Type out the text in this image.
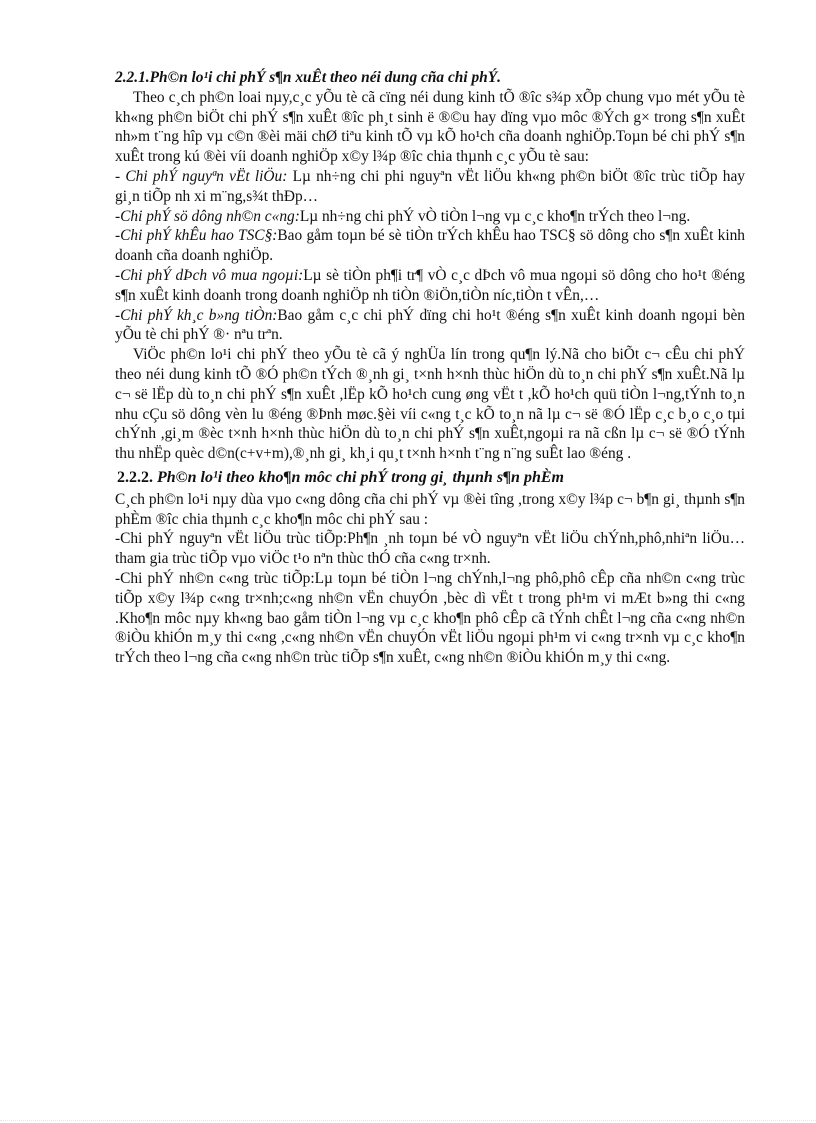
2.2.1.Ph©n lo¹i chi phÝ s¶n xuÊt theo néi dung cña chi phÝ.

Theo c¸ch ph©n loai nµy,c¸c yÕu tè cã cïng néi dung kinh tÕ ®îc s¾p xÕp chung vµo mét yÕu tè kh«ng ph©n biÖt chi phÝ s¶n xuÊt ®îc ph¸t sinh ë ®©u hay dïng vµo môc ®Ých g× trong s¶n xuÊt nh»m t¨ng hîp vµ c©n ®èi mäi chØ tiªu kinh tÕ vµ kÕ ho¹ch cña doanh nghiÖp.Toµn bé chi phÝ s¶n xuÊt trong kú ®èi víi doanh nghiÖp x©y l¾p ®îc chia thµnh c¸c yÕu tè sau:

- Chi phÝ nguyªn vËt liÖu: Lµ nh÷ng chi phi nguyªn vËt liÖu kh«ng ph©n biÖt ®îc trùc tiÕp hay gi¸n tiÕp nh xi m¨ng,s¾t thÐp…

-Chi phÝ sö dông nh©n c«ng:Lµ nh÷ng chi phÝ vÒ tiÒn l¬ng vµ c¸c kho¶n trÝch theo l¬ng.

-Chi phÝ khÊu hao TSC§:Bao gåm toµn bé sè tiÒn trÝch khÊu hao TSC§ sö dông cho s¶n xuÊt kinh doanh cña doanh nghiÖp.

-Chi phÝ dÞch vô mua ngoµi:Lµ sè tiÒn ph¶i tr¶ vÒ c¸c dÞch vô mua ngoµi sö dông cho ho¹t ®éng s¶n xuÊt kinh doanh trong doanh nghiÖp nh tiÒn ®iÖn,tiÒn níc,tiÒn t vÊn,…

-Chi phÝ kh¸c b»ng tiÒn:Bao gåm c¸c chi phÝ dïng chi ho¹t ®éng s¶n xuÊt kinh doanh ngoµi bèn yÕu tè chi phÝ ®· nªu trªn.

ViÖc ph©n lo¹i chi phÝ theo yÕu tè cã ý nghÜa lín trong qu¶n lý.Nã cho biÕt c¬ cÊu chi phÝ theo néi dung kinh tÕ ®Ó ph©n tÝch ®¸nh gi¸ t×nh h×nh thùc hiÖn dù to¸n chi phÝ s¶n xuÊt.Nã lµ c¬ së lËp dù to¸n chi phÝ s¶n xuÊt ,lËp kÕ ho¹ch cung øng vËt t ,kÕ ho¹ch quü tiÒn l¬ng,tÝnh to¸n nhu cÇu sö dông vèn lu ®éng ®Þnh møc.§èi víi c«ng t¸c kÕ to¸n nã lµ c¬ së ®Ó lËp c¸c b¸o c¸o tµi chÝnh ,gi¸m ®èc t×nh h×nh thùc hiÖn dù to¸n chi phÝ s¶n xuÊt,ngoµi ra nã cßn lµ c¬ së ®Ó tÝnh thu nhËp quèc d©n(c+v+m),®¸nh gi¸ kh¸i qu¸t t×nh h×nh t¨ng n¨ng suÊt lao ®éng .

2.2.2. Ph©n lo¹i theo kho¶n môc chi phÝ trong gi¸ thµnh s¶n phÈm

C¸ch ph©n lo¹i nµy dùa vµo c«ng dông cña chi phÝ vµ ®èi tîng ,trong x©y l¾p c¬ b¶n gi¸ thµnh s¶n phÈm ®îc chia thµnh c¸c kho¶n môc chi phÝ sau :

-Chi phÝ nguyªn vËt liÖu trùc tiÕp:Ph¶n ¸nh toµn bé vÒ nguyªn vËt liÖu chÝnh,phô,nhiªn liÖu…tham gia trùc tiÕp vµo viÖc t¹o nªn thùc thÓ cña c«ng tr×nh.

-Chi phÝ nh©n c«ng trùc tiÕp:Lµ toµn bé tiÒn l¬ng chÝnh,l¬ng phô,phô cÊp cña nh©n c«ng trùc tiÕp x©y l¾p c«ng tr×nh;c«ng nh©n vËn chuyÓn ,bèc dì vËt t trong ph¹m vi mÆt b»ng thi c«ng .Kho¶n môc nµy kh«ng bao gåm tiÒn l¬ng vµ c¸c kho¶n phô cÊp cã tÝnh chÊt l¬ng cña c«ng nh©n ®iÒu khiÓn m¸y thi c«ng ,c«ng nh©n vËn chuyÓn vËt liÖu ngoµi ph¹m vi c«ng tr×nh vµ c¸c kho¶n trÝch theo l¬ng cña c«ng nh©n trùc tiÕp s¶n xuÊt, c«ng nh©n ®iÒu khiÓn m¸y thi c«ng.
